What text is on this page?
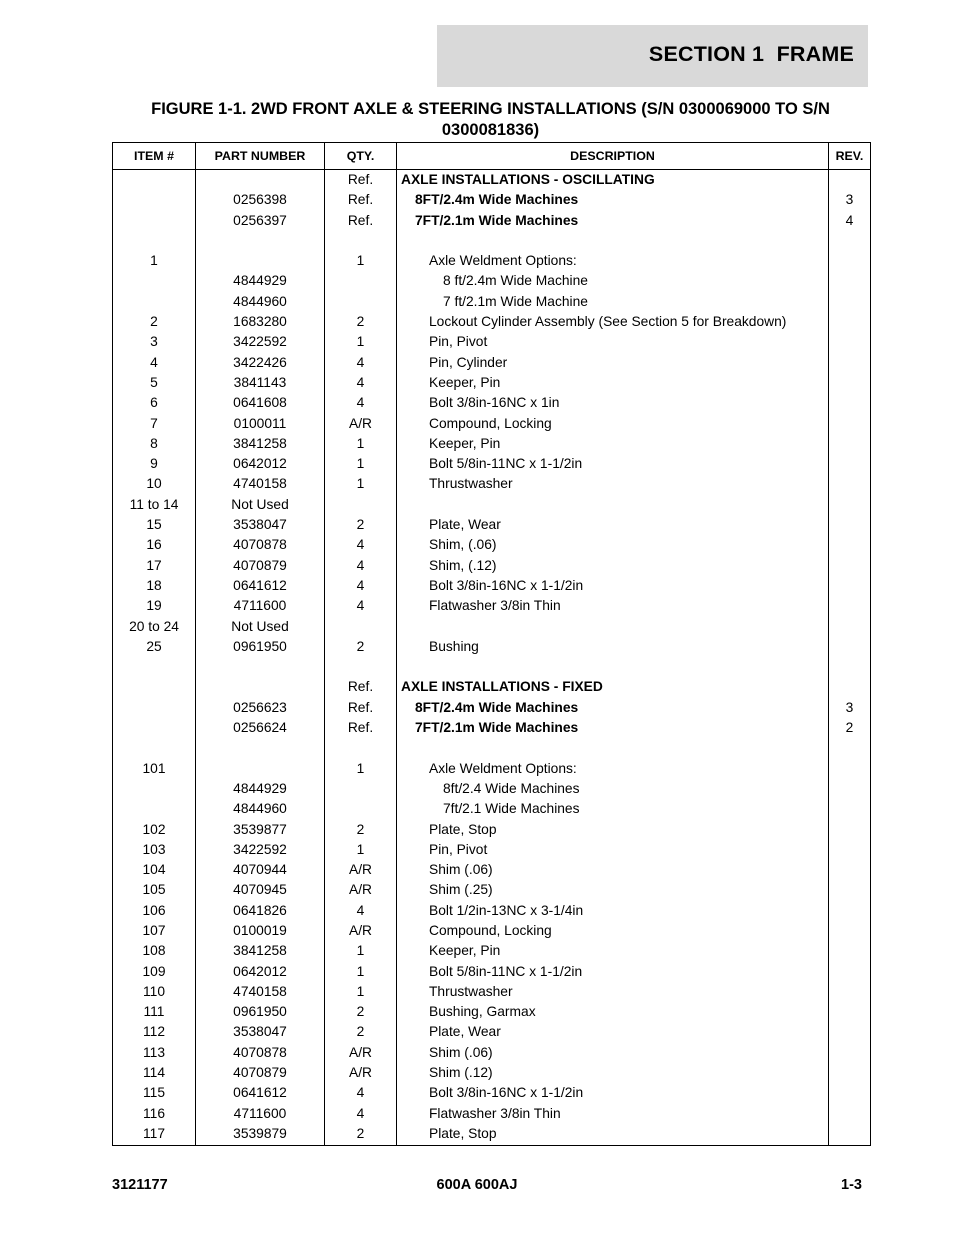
SECTION 1  FRAME
FIGURE 1-1. 2WD FRONT AXLE & STEERING INSTALLATIONS (S/N 0300069000 TO S/N 0300081836)
ITEM #	PART NUMBER	QTY.	DESCRIPTION	REV.
		Ref.	AXLE INSTALLATIONS - OSCILLATING	
	0256398	Ref.	8FT/2.4m Wide Machines	3
	0256397	Ref.	7FT/2.1m Wide Machines	4

1		1	Axle Weldment Options:	
	4844929		8 ft/2.4m Wide Machine	
	4844960		7 ft/2.1m Wide Machine	
2	1683280	2	Lockout Cylinder Assembly (See Section 5 for Breakdown)	
3	3422592	1	Pin, Pivot	
4	3422426	4	Pin, Cylinder	
5	3841143	4	Keeper, Pin	
6	0641608	4	Bolt 3/8in-16NC x 1in	
7	0100011	A/R	Compound, Locking	
8	3841258	1	Keeper, Pin	
9	0642012	1	Bolt 5/8in-11NC x 1-1/2in	
10	4740158	1	Thrustwasher	
11 to 14	Not Used			
15	3538047	2	Plate, Wear	
16	4070878	4	Shim, (.06)	
17	4070879	4	Shim, (.12)	
18	0641612	4	Bolt 3/8in-16NC x 1-1/2in	
19	4711600	4	Flatwasher 3/8in Thin	
20 to 24	Not Used			
25	0961950	2	Bushing	

		Ref.	AXLE INSTALLATIONS - FIXED	
	0256623	Ref.	8FT/2.4m Wide Machines	3
	0256624	Ref.	7FT/2.1m Wide Machines	2

101		1	Axle Weldment Options:	
	4844929		8ft/2.4 Wide Machines	
	4844960		7ft/2.1 Wide Machines	
102	3539877	2	Plate, Stop	
103	3422592	1	Pin, Pivot	
104	4070944	A/R	Shim (.06)	
105	4070945	A/R	Shim (.25)	
106	0641826	4	Bolt 1/2in-13NC x 3-1/4in	
107	0100019	A/R	Compound, Locking	
108	3841258	1	Keeper, Pin	
109	0642012	1	Bolt 5/8in-11NC x 1-1/2in	
110	4740158	1	Thrustwasher	
111	0961950	2	Bushing, Garmax	
112	3538047	2	Plate, Wear	
113	4070878	A/R	Shim (.06)	
114	4070879	A/R	Shim (.12)	
115	0641612	4	Bolt 3/8in-16NC x 1-1/2in	
116	4711600	4	Flatwasher 3/8in Thin	
117	3539879	2	Plate, Stop	
3121177	600A 600AJ	1-3
